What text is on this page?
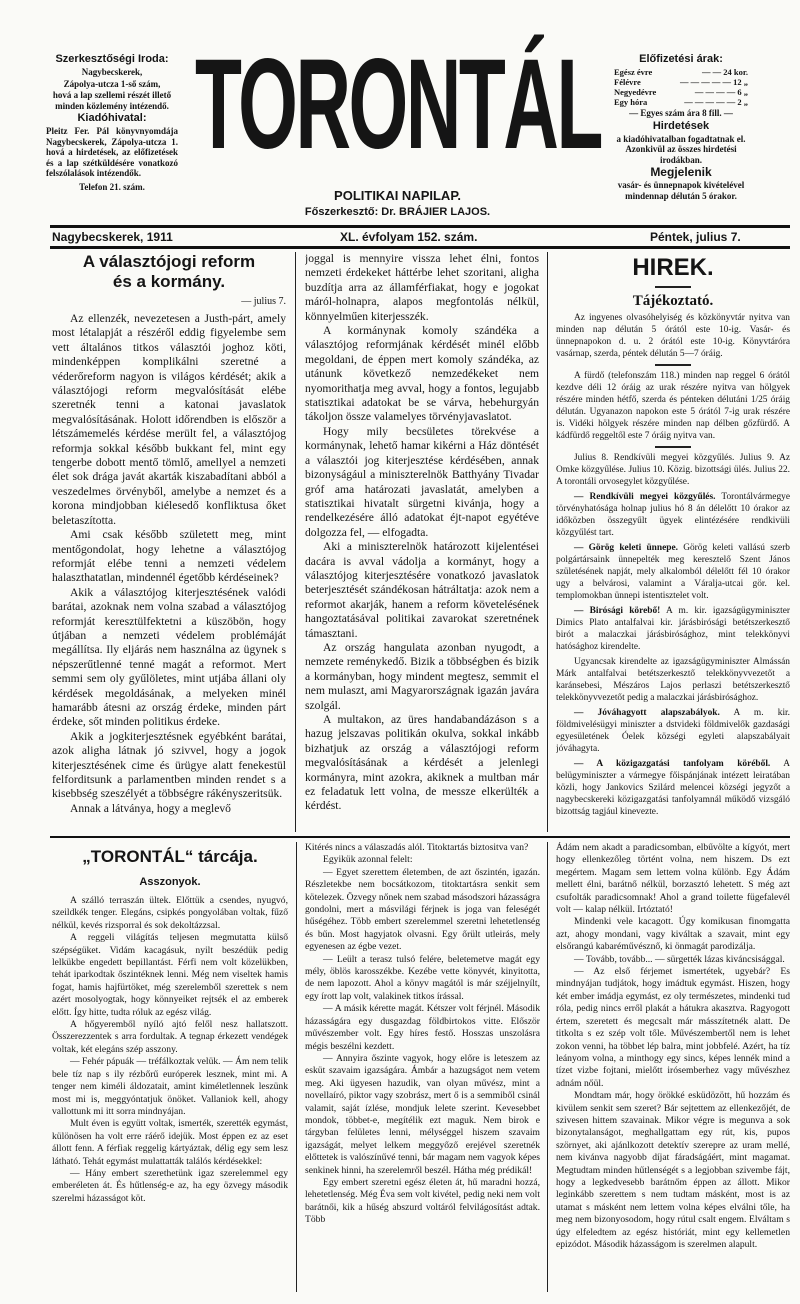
Szerkesztőségi Iroda:

Nagybecskerek,

Zápolya-utcza 1-ső szám,

hová a lap szellemi részét illető minden közlemény intézendő.

Kiadóhivatal:

Pleitz Fer. Pál könyvnyomdája Nagybecskerek, Zápolya-utcza 1. hová a hirdetések, az előfizetések és a lap szétküldésére vonatkozó felszólalások intézendők.

Telefon 21. szám.

TORONTÁL
POLITIKAI NAPILAP.
Főszerkesztő: Dr. BRÁJIER LAJOS.
Előfizetési árak:
Egész évre	— — 24 kor.
Félévre	— — — — — 12 „
Negyedévre	— — — — 6 „
Egy hóra	— — — — — 2 „

— Egyes szám ára 8 fill. —

Hirdetések

a kiadóhivatalban fogadtatnak el. Azonkivül az összes hirdetési irodákban.

Megjelenik

vasár- és ünnepnapok kivételével mindennap délután 5 órakor.

Nagybecskerek, 1911	XL. évfolyam 152. szám.	Péntek, julius 7.
A választójogi reform és a kormány.
— julius 7.

Az ellenzék, nevezetesen a Justh-párt, amely most létalapját a részéről eddig figyelembe sem vett általános titkos választói joghoz köti, mindenképpen komplikálni szeretné a véderőreform nagyon is világos kérdését; akik a választójogi reform megvalósítását elébe szeretnék tenni a katonai javaslatok megvalósításának. Holott időrendben is először a létszámemelés kérdése merült fel, a választójog reformja sokkal később bukkant fel, mint egy tengerbe dobott mentő tömlő, amellyel a nemzeti élet sok drága javát akarták kiszabadítani abból a veszedelmes örvényből, amelybe a nemzet és a korona mindjobban kiélesedő konfliktusa őket beletaszította.

Ami csak később született meg, mint mentőgondolat, hogy lehetne a választójog reformját elébe tenni a nemzeti védelem halaszthatatlan, mindennél égetőbb kérdéseinek?

Akik a választójog kiterjesztésének valódi barátai, azoknak nem volna szabad a választójog reformját keresztülfektetni a küszöbön, hogy útjában a nemzeti védelem problémáját megállítsa. Ily eljárás nem használna az ügynek s népszerűtlenné tenné magát a reformot. Mert semmi sem oly gyűlöletes, mint utjába állani oly kérdések megoldásának, a melyeken minél hamarább átesni az ország érdeke, minden párt érdeke, sőt minden politikus érdeke.

Akik a jogkiterjesztésnek egyébként barátai, azok aligha látnak jó szivvel, hogy a jogok kiterjesztésének cime és ürügye alatt fenekestül felforditsunk a parlamentben minden rendet s a kisebbség szeszélyét a többségre rákényszeritsük.

Annak a látványa, hogy a meglevő

joggal is mennyire vissza lehet élni, fontos nemzeti érdekeket háttérbe lehet szoritani, aligha buzdítja arra az államférfiakat, hogy e jogokat máról-holnapra, alapos megfontolás nélkül, könnyelműen kiterjesszék.

A kormánynak komoly szándéka a választójog reformjának kérdését minél előbb megoldani, de éppen mert komoly szándéka, az utánunk következő nemzedékeket nem nyomorithatja meg avval, hogy a fontos, legujabb statisztikai adatokat be se várva, hebehurgyán tákoljon össze valamelyes törvényjavaslatot.

Hogy mily becsületes törekvése a kormánynak, lehető hamar kikérni a Ház döntését a választói jog kiterjesztése kérdésében, annak bizonyságául a miniszterelnök Batthyány Tivadar gróf ama határozati javaslatát, amelyben a statisztikai hivatalt sürgetni kivánja, hogy a rendelkezésére álló adatokat éjt-napot egyétéve dolgozza fel, — elfogadta.

Aki a miniszterelnök határozott kijelentései dacára is avval vádolja a kormányt, hogy a választójog kiterjesztésére vonatkozó javaslatok beterjesztését szándékosan hátráltatja: azok nem a reformot akarják, hanem a reform követelésének hangoztatásával politikai zavarokat szeretnének támasztani.

Az ország hangulata azonban nyugodt, a nemzete reménykedő. Bizik a többségben és bizik a kormányban, hogy mindent megtesz, semmit el nem mulaszt, ami Magyarországnak igazán javára szolgál.

A multakon, az üres handabandázáson s a hazug jelszavas politikán okulva, sokkal inkább bizhatjuk az ország a választójogi reform megvalósításának a kérdését a jelenlegi kormányra, mint azokra, akiknek a multban már ez feladatuk lett volna, de messze elkerülték a kérdést.

HIREK.
Tájékoztató.

Az ingyenes olvasóhelyiség és közkönyvtár nyitva van minden nap délután 5 órától este 10-ig. Vasár- és ünnepnapokon d. u. 2 órától este 10-ig. Könyvtárórа vasárnap, szerda, péntek délután 5—7 óráig.

A fürdő (telefonszám 118.) minden nap reggel 6 órától kezdve déli 12 óráig az urak részére nyitva van hölgyek részére minden hétfő, szerda és pénteken délutáni 1/25 óráig délután. Ugyanazon napokon este 5 órától 7-ig urak részére is. Vidéki hölgyek részére minden nap délben gőzfürdő. A kádfürdő reggeltől este 7 óráig nyitva van.

Julius 8. Rendkívüli megyei közgyűlés. Julius 9. Az Omke közgyűlése. Julius 10. Közig. bizottsági ülés. Julius 22. A torontáli orvosegylet közgyűlése.

— Rendkívüli megyei közgyűlés. Torontálvármegye törvényhatósága holnap julius hó 8 án délelőtt 10 órakor az időközben összegyűlt ügyek elintézésére rendkivüli közgyűlést tart.

— Görög keleti ünnepe. Görög keleti vallású szerb polgártársaink ünnepelték meg keresztelő Szent János születésének napját, mely alkalomból délelőtt fél 10 órakor ugy a belvárosi, valamint a Váralja-utcai gör. kel. templomokban ünnepi istentisztelet volt.

— Birósági körebő! A m. kir. igazságügyminiszter Dimics Plato antalfalvai kir. járásbirósági betétszerkesztő birót a malaczkai járásbirósághoz, mint telekkönyvi hatósághoz kirendelte.

Ugyancsak kirendelte az igazságügyminiszter Almássán Márk antalfalvai betétszerkesztő telekkönyvvezetőt a karánsebesi, Mészáros Lajos perlaszi betétszerkesztő telekkönyvvezetőt pedig a malaczkai járásbirósághoz.

— Jóváhagyott alapszabályok. A m. kir. földmivelésügyi miniszter a dstvideki földmivelők gazdasági egyesületének Óelek községi egyleti alapszabályait jóváhagyta.

— A közigazgatási tanfolyam köréből. A belügyminiszter a vármegye főispánjának intézett leiratában közli, hogy Jankovics Szilárd melencei községi jegyzőt a nagybecskereki közigazgatási tanfolyamnál működő vizsgáló bizottság tagjául kinevezte.

„TORONTÁL“ tárcája.
Asszonyok.

A szálló terraszán ültek. Előttük a csendes, nyugvó, szeildkék tenger. Elegáns, csipkés pongyolában voltak, fűző nélkül, kevés rizsporral és sok dekoltázzsal.

A reggeli világítás teljesen megmutatta külső szépségüket. Vidám kacagásuk, nyilt beszédük pedig lelkükbe engedett bepillantást. Férfi nem volt közelükben, tehát iparkodtak őszintéknek lenni. Még nem viseltek hamis fogat, hamis hajfürtöket, még szerelemből szerettek s nem azért mosolyogtak, hogy könnyeiket rejtsék el az emberek előtt. Így hitte, tudta róluk az egész világ.

A hőgyeremből nyíló ajtó felől nesz hallatszott. Összerezzentek s arra fordultak. A tegnap érkezett vendégek voltak, két elegáns szép asszony.

— Fehér pápuák — tréfálkoztak velük. — Ám nem telik bele tíz nap s ily rézbőrű európerek lesznek, mint mi. A tenger nem kiméli áldozatait, amint kiméletlennek leszünk most mi is, meggyóntatjuk önöket. Vallaniok kell, ahogy vallottunk mi itt sorra mindnyájan.

Mult éven is együtt voltak, ismerték, szerették egymást, különösen ha volt erre ráérő idejük. Most éppen ez az eset állott fenn. A férfiak reggelig kártyáztak, délig egy sem lesz látható. Tehát egymást mulattatták találós kérdésekkel:

— Hány embert szerethetünk igaz szerelemmel egy emberéleten át. És hűtlenség-e az, ha egy özvegy második szerelmi házasságot köt.

Kitérés nincs a válaszadás alól. Titoktartás biztositva van?

Egyikük azonnal felelt:

— Egyet szerettem életemben, de azt őszintén, igazán. Részletekbe nem bocsátkozom, titoktartásra senkit sem kötelezek. Özvegy nőnek nem szabad másodszori házasságra gondolni, mert a másvilági férjnek is joga van feleségét hűségéhez. Több embert szerelemmel szeretni lehetetlenség és bűn. Most hagyjatok olvasni. Egy őrült utleirás, mely egyenesen az égbe vezet.

— Leült a terasz tulsó felére, beletemetve magát egy mély, öblös karosszékbe. Kezébe vette könyvét, kinyitotta, de nem lapozott. Ahol a könyv magától is már széjjelnyílt, egy írott lap volt, valakinek titkos írással.

— A másik kérette magát. Kétszer volt férjnél. Második házasságára egy dusgazdag földbirtokos vitte. Először művészember volt. Egy híres festő. Hosszas unszolásra mégis beszélni kezdett.

— Annyira őszinte vagyok, hogy előre is leteszem az esküt szavaim igazságára. Ámbár a hazugságot nem vetem meg. Aki ügyesen hazudik, van olyan művész, mint a novellaíró, piktor vagy szobrász, mert ő is a semmiből csinál valamit, saját ízlése, mondjuk lelete szerint. Kevesebbet mondok, többet-e, megítélik ezt maguk. Nem birok e tárgyban felületes lenni, mélységgel hiszem szavaim igazságát, melyet lelkem meggyőző erejével szeretnék előttetek is valószínűvé tenni, bár magam nem vagyok képes senkinek hinni, ha szerelemről beszél. Hátha még prédikál!

Egy embert szeretni egész életen át, hű maradni hozzá, lehetetlenség. Még Éva sem volt kivétel, pedig neki nem volt barátnői, kik a hűség abszurd voltáról felvilágosítást adtak. Több

Ádám nem akadt a paradicsomban, elbűvölte a kígyót, mert hogy ellenkezőleg történt volna, nem hiszem. Ds ezt megértem. Magam sem lettem volna különb. Egy Ádám mellett élni, barátnő nélkül, borzasztó lehetett. S még azt csufolták paradicsomnak! Ahol a grand toilette fügefalevél volt — kalap nélkül. Irtóztató!

Mindenki vele kacagott. Úgy komikusan finomgatta azt, ahogy mondani, vagy kiváltak a szavait, mint egy elsőrangú kabaréművésznő, ki önmagát parodizálja.

— Tovább, tovább... — sürgették lázas kiváncsisággal.

— Az első férjemet ismertétek, ugyebár? Es mindnyájan tudjátok, hogy imádtuk egymást. Hiszen, hogy két ember imádja egymást, ez oly természetes, mindenki tud róla, pedig nincs erről plakát a hátukra akasztva. Ragyogott értem, szeretett és megcsalt már másszítetnék alatt. De titkolta s ez szép volt tőle. Művészembertől nem is lehet zokon venni, ha többet lép balra, mint jobbfelé. Azért, ha tíz leányom volna, a minthogy egy sincs, képes lennék mind a tízet vizbe fojtani, mielőtt irósemberhez vagy művészhez adnám nőül.

Mondtam már, hogy örökké esküdözött, hű hozzám és kivülem senkit sem szeret? Bár sejtettem az ellenkezőjét, de szivesen hittem szavainak. Mikor végre is megunva a sok bizonytalanságot, meghallgattam egy rút, kis, pupos szörnyet, aki ajánlkozott detektív szerepre az uram mellé, nem kivánva nagyobb díjat fáradságáért, mint magamat. Megtudtam minden hűtlenségét s a legjobban szivembe fájt, hogy a legkedvesebb barátnőm éppen az állott. Mikor leginkább szerettem s nem tudtam másként, most is az utamat s másként nem lettem volna képes elválni tőle, ha meg nem bizonyosodom, hogy rútul csalt engem. Elváltam s úgy elfeledtem az egész históriát, mint egy kellemetlen epizódot. Második házasságom is szerelmen alapult.
